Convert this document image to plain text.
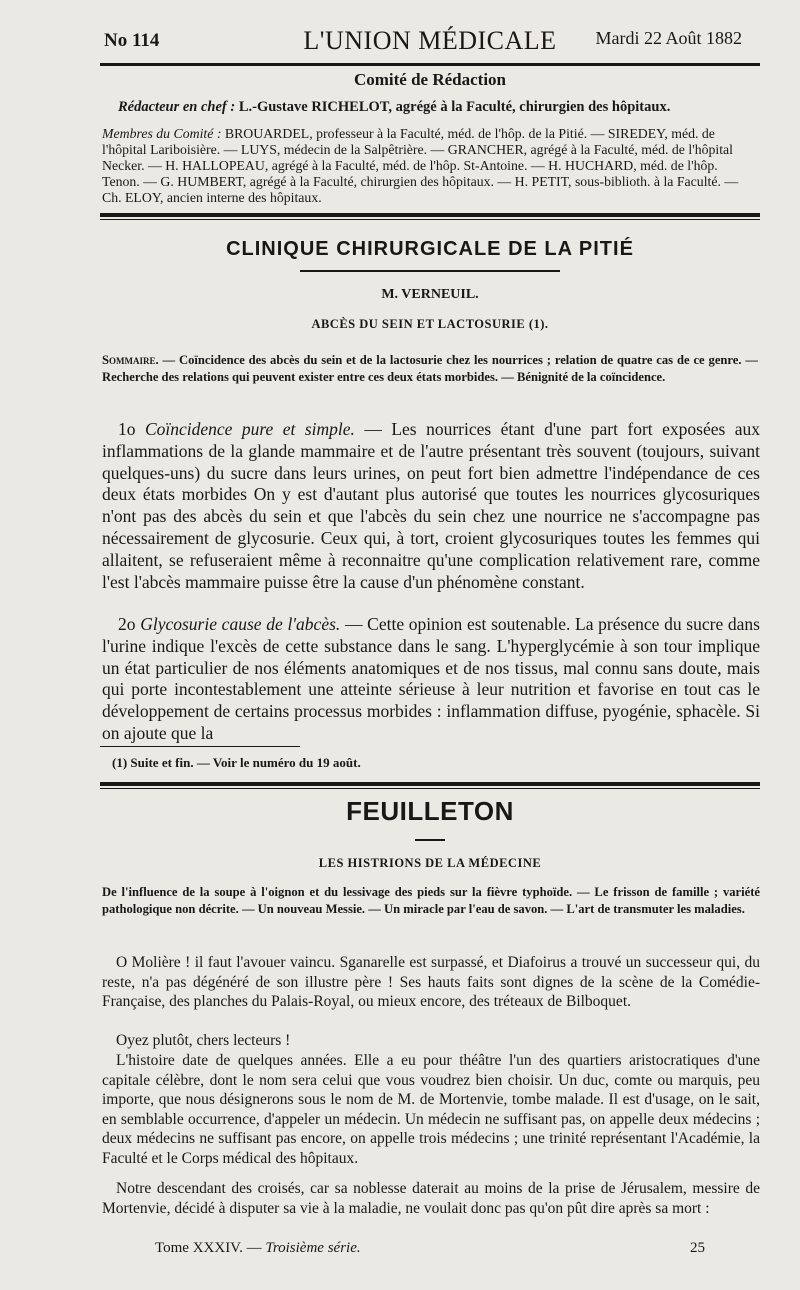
No 114	L'UNION MÉDICALE	Mardi 22 Août 1882
Comité de Rédaction
Rédacteur en chef : L.-Gustave RICHELOT, agrégé à la Faculté, chirurgien des hôpitaux.
Membres du Comité : BROUARDEL, professeur à la Faculté, méd. de l'hôp. de la Pitié. — SIREDEY, méd. de l'hôpital Lariboisière. — LUYS, médecin de la Salpêtrière. — GRANCHER, agrégé à la Faculté, méd. de l'hôpital Necker. — H. HALLOPEAU, agrégé à la Faculté, méd. de l'hôp. St-Antoine. — H. HUCHARD, méd. de l'hôp. Tenon. — G. HUMBERT, agrégé à la Faculté, chirurgien des hôpitaux. — H. PETIT, sous-biblioth. à la Faculté. — Ch. ELOY, ancien interne des hôpitaux.
CLINIQUE CHIRURGICALE DE LA PITIÉ
M. VERNEUIL.
ABCÈS DU SEIN ET LACTOSURIE (1).
Sommaire. — Coïncidence des abcès du sein et de la lactosurie chez les nourrices ; relation de quatre cas de ce genre. — Recherche des relations qui peuvent exister entre ces deux états morbides. — Bénignité de la coïncidence.
1o Coïncidence pure et simple. — Les nourrices étant d'une part fort exposées aux inflammations de la glande mammaire et de l'autre présentant très souvent (toujours, suivant quelques-uns) du sucre dans leurs urines, on peut fort bien admettre l'indépendance de ces deux états morbides On y est d'autant plus autorisé que toutes les nourrices glycosuriques n'ont pas des abcès du sein et que l'abcès du sein chez une nourrice ne s'accompagne pas nécessairement de glycosurie. Ceux qui, à tort, croient glycosuriques toutes les femmes qui allaitent, se refuseraient même à reconnaitre qu'une complication relativement rare, comme l'est l'abcès mammaire puisse être la cause d'un phénomène constant.
2o Glycosurie cause de l'abcès. — Cette opinion est soutenable. La présence du sucre dans l'urine indique l'excès de cette substance dans le sang. L'hyperglycémie à son tour implique un état particulier de nos éléments anatomiques et de nos tissus, mal connu sans doute, mais qui porte incontestablement une atteinte sérieuse à leur nutrition et favorise en tout cas le développement de certains processus morbides : inflammation diffuse, pyogénie, sphacèle. Si on ajoute que la
(1) Suite et fin. — Voir le numéro du 19 août.
FEUILLETON
LES HISTRIONS DE LA MÉDECINE
De l'influence de la soupe à l'oignon et du lessivage des pieds sur la fièvre typhoïde. — Le frisson de famille ; variété pathologique non décrite. — Un nouveau Messie. — Un miracle par l'eau de savon. — L'art de transmuter les maladies.
O Molière ! il faut l'avouer vaincu. Sganarelle est surpassé, et Diafoirus a trouvé un successeur qui, du reste, n'a pas dégénéré de son illustre père ! Ses hauts faits sont dignes de la scène de la Comédie-Française, des planches du Palais-Royal, ou mieux encore, des tréteaux de Bilboquet.
Oyez plutôt, chers lecteurs !
L'histoire date de quelques années. Elle a eu pour théâtre l'un des quartiers aristocratiques d'une capitale célèbre, dont le nom sera celui que vous voudrez bien choisir. Un duc, comte ou marquis, peu importe, que nous désignerons sous le nom de M. de Mortenvie, tombe malade. Il est d'usage, on le sait, en semblable occurrence, d'appeler un médecin. Un médecin ne suffisant pas, on appelle deux médecins ; deux médecins ne suffisant pas encore, on appelle trois médecins ; une trinité représentant l'Académie, la Faculté et le Corps médical des hôpitaux.
Notre descendant des croisés, car sa noblesse daterait au moins de la prise de Jérusalem, messire de Mortenvie, décidé à disputer sa vie à la maladie, ne voulait donc pas qu'on pût dire après sa mort :
Tome XXXIV. — Troisième série.	25
